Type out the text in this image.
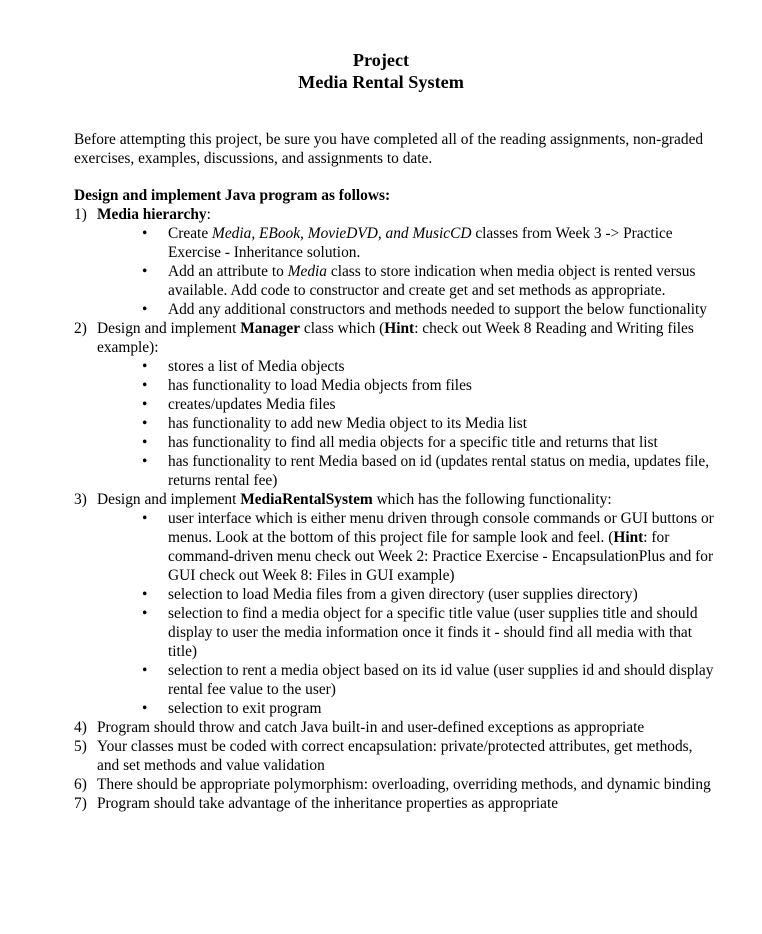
Project
Media Rental System

Before attempting this project, be sure you have completed all of the reading assignments, non-graded exercises, examples, discussions, and assignments to date.

Design and implement Java program as follows:
1) Media hierarchy:
• Create Media, EBook, MovieDVD, and MusicCD classes from Week 3 -> Practice Exercise - Inheritance solution.
• Add an attribute to Media class to store indication when media object is rented versus available. Add code to constructor and create get and set methods as appropriate.
• Add any additional constructors and methods needed to support the below functionality
2) Design and implement Manager class which (Hint: check out Week 8 Reading and Writing files example):
• stores a list of Media objects
• has functionality to load Media objects from files
• creates/updates Media files
• has functionality to add new Media object to its Media list
• has functionality to find all media objects for a specific title and returns that list
• has functionality to rent Media based on id (updates rental status on media, updates file, returns rental fee)
3) Design and implement MediaRentalSystem which has the following functionality:
• user interface which is either menu driven through console commands or GUI buttons or menus. Look at the bottom of this project file for sample look and feel. (Hint: for command-driven menu check out Week 2: Practice Exercise - EncapsulationPlus and for GUI check out Week 8: Files in GUI example)
• selection to load Media files from a given directory (user supplies directory)
• selection to find a media object for a specific title value (user supplies title and should display to user the media information once it finds it - should find all media with that title)
• selection to rent a media object based on its id value (user supplies id and should display rental fee value to the user)
• selection to exit program
4) Program should throw and catch Java built-in and user-defined exceptions as appropriate
5) Your classes must be coded with correct encapsulation: private/protected attributes, get methods, and set methods and value validation
6) There should be appropriate polymorphism: overloading, overriding methods, and dynamic binding
7) Program should take advantage of the inheritance properties as appropriate
